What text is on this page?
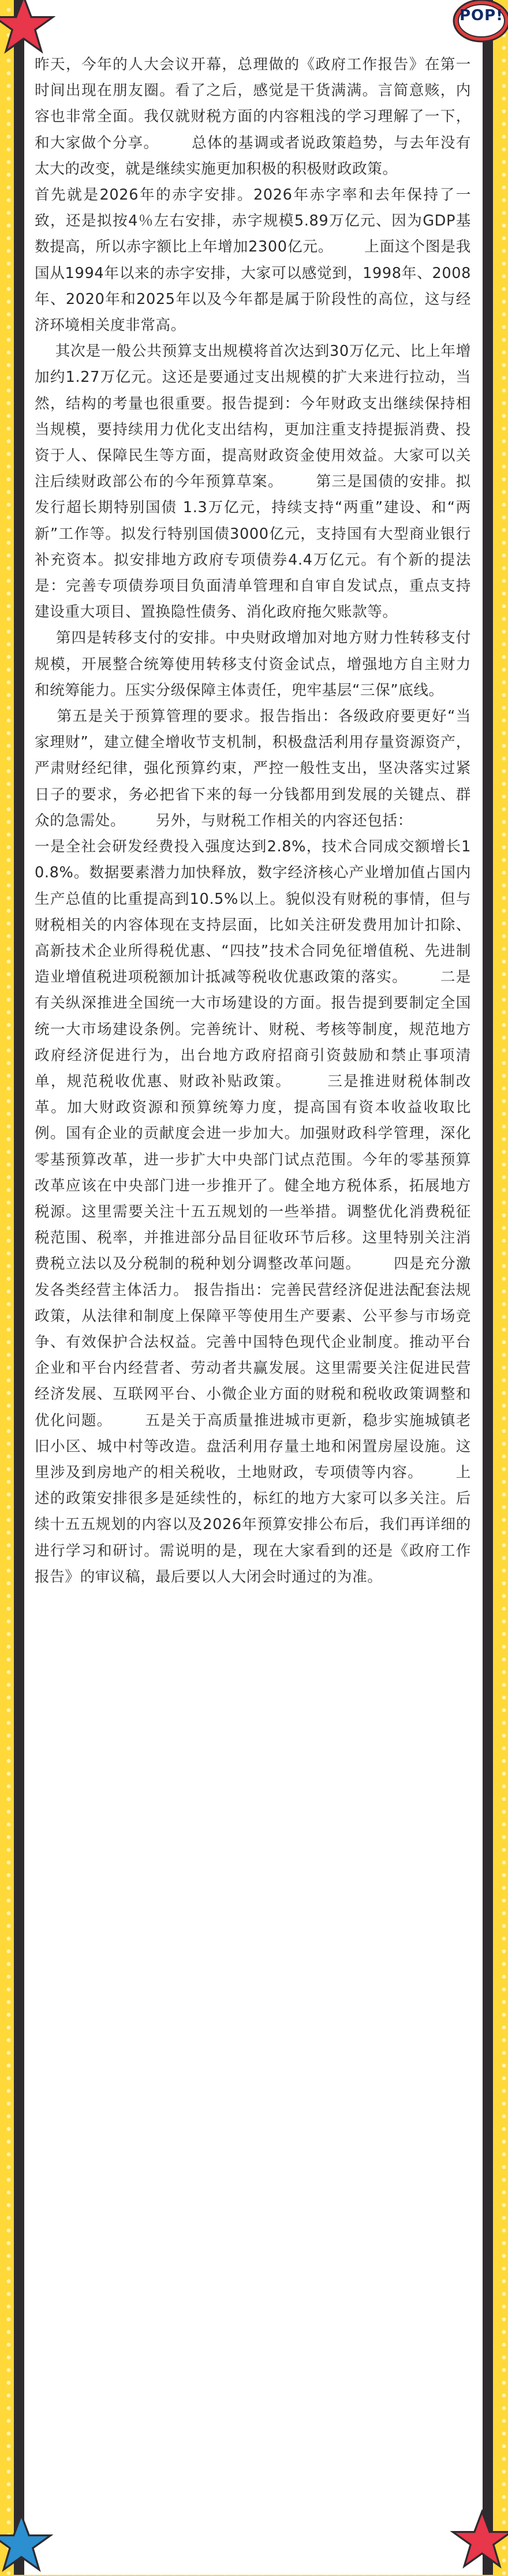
POP!

昨天，今年的人大会议开幕，总理做的《政府工作报告》在第一时间出现在朋友圈。看了之后，感觉是干货满满。言简意赅，内容也非常全面。我仅就财税方面的内容粗浅的学习理解了一下，和大家做个分享。      总体的基调或者说政策趋势，与去年没有太大的改变，就是继续实施更加积极的积极财政政策。

首先就是2026年的赤字安排。2026年赤字率和去年保持了一致，还是拟按4％左右安排，赤字规模5.89万亿元、因为GDP基数提高，所以赤字额比上年增加2300亿元。      上面这个图是我国从1994年以来的赤字安排，大家可以感觉到，1998年、2008年、2020年和2025年以及今年都是属于阶段性的高位，这与经济环境相关度非常高。

其次是一般公共预算支出规模将首次达到30万亿元、比上年增加约1.27万亿元。这还是要通过支出规模的扩大来进行拉动，当然，结构的考量也很重要。报告提到：今年财政支出继续保持相当规模，要持续用力优化支出结构，更加注重支持提振消费、投资于人、保障民生等方面，提高财政资金使用效益。大家可以关注后续财政部公布的今年预算草案。      第三是国债的安排。拟发行超长期特别国债 1.3万亿元，持续支持“两重”建设、和“两新”工作等。拟发行特别国债3000亿元，支持国有大型商业银行补充资本。拟安排地方政府专项债券4.4万亿元。有个新的提法是：完善专项债券项目负面清单管理和自审自发试点，重点支持建设重大项目、置换隐性债务、消化政府拖欠账款等。

第四是转移支付的安排。中央财政增加对地方财力性转移支付规模，开展整合统筹使用转移支付资金试点，增强地方自主财力和统筹能力。压实分级保障主体责任，兜牢基层“三保”底线。

第五是关于预算管理的要求。报告指出：各级政府要更好“当家理财”，建立健全增收节支机制，积极盘活利用存量资源资产，严肃财经纪律，强化预算约束，严控一般性支出，坚决落实过紧日子的要求，务必把省下来的每一分钱都用到发展的关键点、群众的急需处。      另外，与财税工作相关的内容还包括：

一是全社会研发经费投入强度达到2.8%，技术合同成交额增长10.8%。数据要素潜力加快释放，数字经济核心产业增加值占国内生产总值的比重提高到10.5%以上。貌似没有财税的事情，但与财税相关的内容体现在支持层面，比如关注研发费用加计扣除、高新技术企业所得税优惠、“四技”技术合同免征增值税、先进制造业增值税进项税额加计抵减等税收优惠政策的落实。      二是有关纵深推进全国统一大市场建设的方面。报告提到要制定全国统一大市场建设条例。完善统计、财税、考核等制度，规范地方政府经济促进行为，出台地方政府招商引资鼓励和禁止事项清单，规范税收优惠、财政补贴政策。      三是推进财税体制改革。加大财政资源和预算统筹力度，提高国有资本收益收取比例。国有企业的贡献度会进一步加大。加强财政科学管理，深化零基预算改革，进一步扩大中央部门试点范围。今年的零基预算改革应该在中央部门进一步推开了。健全地方税体系，拓展地方税源。这里需要关注十五五规划的一些举措。调整优化消费税征税范围、税率，并推进部分品目征收环节后移。这里特别关注消费税立法以及分税制的税种划分调整改革问题。      四是充分激发各类经营主体活力。 报告指出：完善民营经济促进法配套法规政策，从法律和制度上保障平等使用生产要素、公平参与市场竞争、有效保护合法权益。完善中国特色现代企业制度。推动平台企业和平台内经营者、劳动者共赢发展。这里需要关注促进民营经济发展、互联网平台、小微企业方面的财税和税收政策调整和优化问题。      五是关于高质量推进城市更新，稳步实施城镇老旧小区、城中村等改造。盘活利用存量土地和闲置房屋设施。这里涉及到房地产的相关税收，土地财政，专项债等内容。      上述的政策安排很多是延续性的，标红的地方大家可以多关注。后续十五五规划的内容以及2026年预算安排公布后，我们再详细的进行学习和研讨。需说明的是，现在大家看到的还是《政府工作报告》的审议稿，最后要以人大闭会时通过的为准。
